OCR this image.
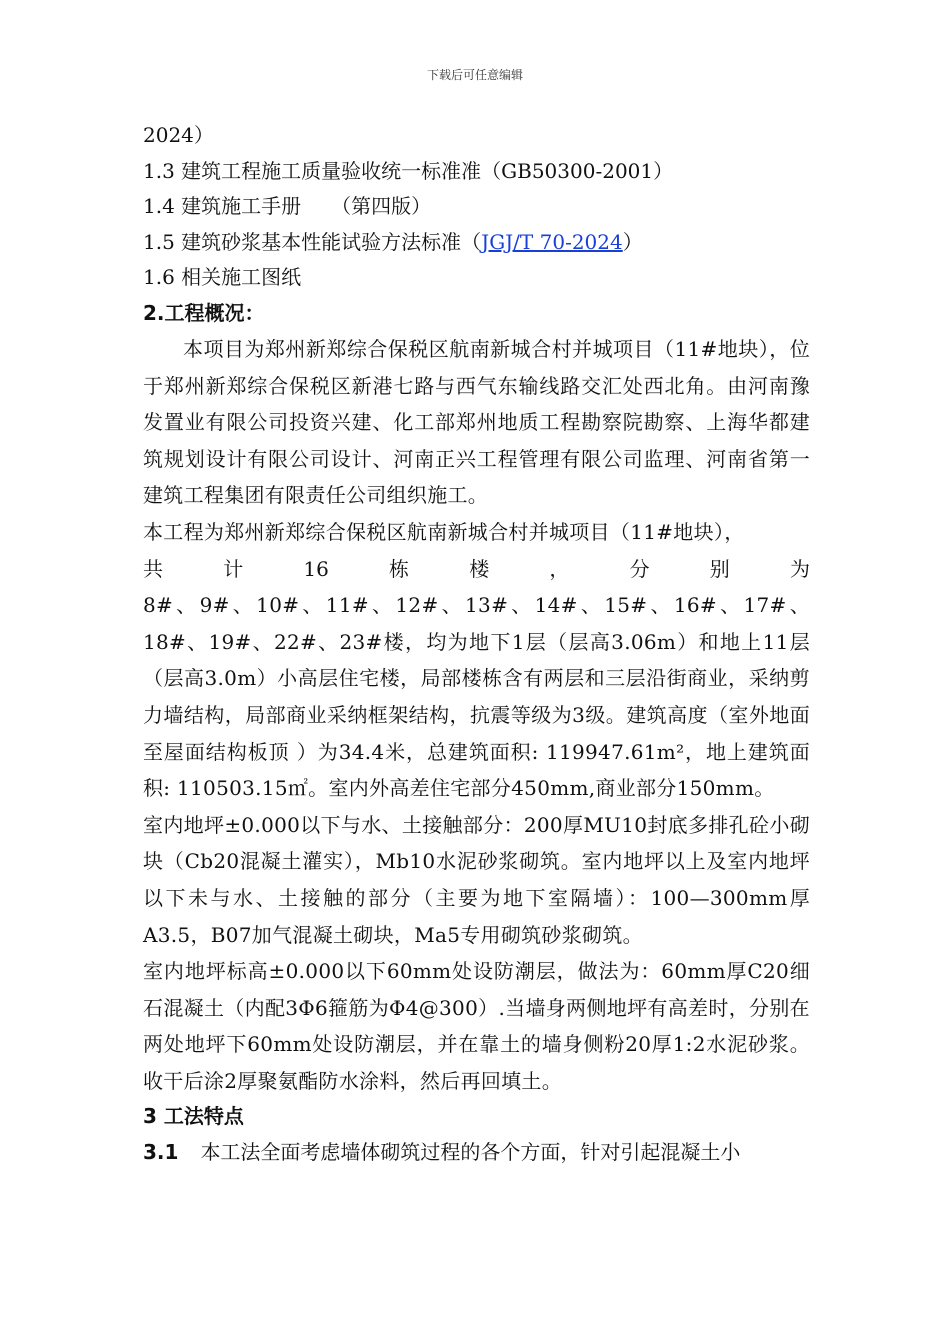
下载后可任意编辑
2024）
1.3 建筑工程施工质量验收统一标准准（GB50300-2001）
1.4 建筑施工手册　　（第四版）
1.5 建筑砂浆基本性能试验方法标准（JGJ/T 70-2024）
1.6 相关施工图纸
2.工程概况：
本项目为郑州新郑综合保税区航南新城合村并城项目（11#地块），位于郑州新郑综合保税区新港七路与西气东输线路交汇处西北角。由河南豫发置业有限公司投资兴建、化工部郑州地质工程勘察院勘察、上海华都建筑规划设计有限公司设计、河南正兴工程管理有限公司监理、河南省第一建筑工程集团有限责任公司组织施工。
本工程为郑州新郑综合保税区航南新城合村并城项目（11#地块），
共	计	16	栋	楼	，	分	别	为
8#、9#、10#、11#、12#、13#、14#、15#、16#、17#、18#、19#、22#、23#楼，均为地下1层（层高3.06m）和地上11层（层高3.0m）小高层住宅楼，局部楼栋含有两层和三层沿街商业，采纳剪力墙结构，局部商业采纳框架结构，抗震等级为3级。建筑高度（室外地面至屋面结构板顶 ）为34.4米，总建筑面积: 119947.61m²，地上建筑面积: 110503.15㎡。室内外高差住宅部分450mm,商业部分150mm。
室内地坪±0.000以下与水、土接触部分：200厚MU10封底多排孔砼小砌块（Cb20混凝土灌实），Mb10水泥砂浆砌筑。室内地坪以上及室内地坪以下未与水、土接触的部分（主要为地下室隔墙）：100—300mm厚A3.5，B07加气混凝土砌块，Ma5专用砌筑砂浆砌筑。
室内地坪标高±0.000以下60mm处设防潮层，做法为：60mm厚C20细石混凝土（内配3Φ6箍筋为Φ4@300）.当墙身两侧地坪有高差时，分别在两处地坪下60mm处设防潮层，并在靠土的墙身侧粉20厚1:2水泥砂浆。收干后涂2厚聚氨酯防水涂料，然后再回填土。
3 工法特点
3.1 本工法全面考虑墙体砌筑过程的各个方面，针对引起混凝土小
